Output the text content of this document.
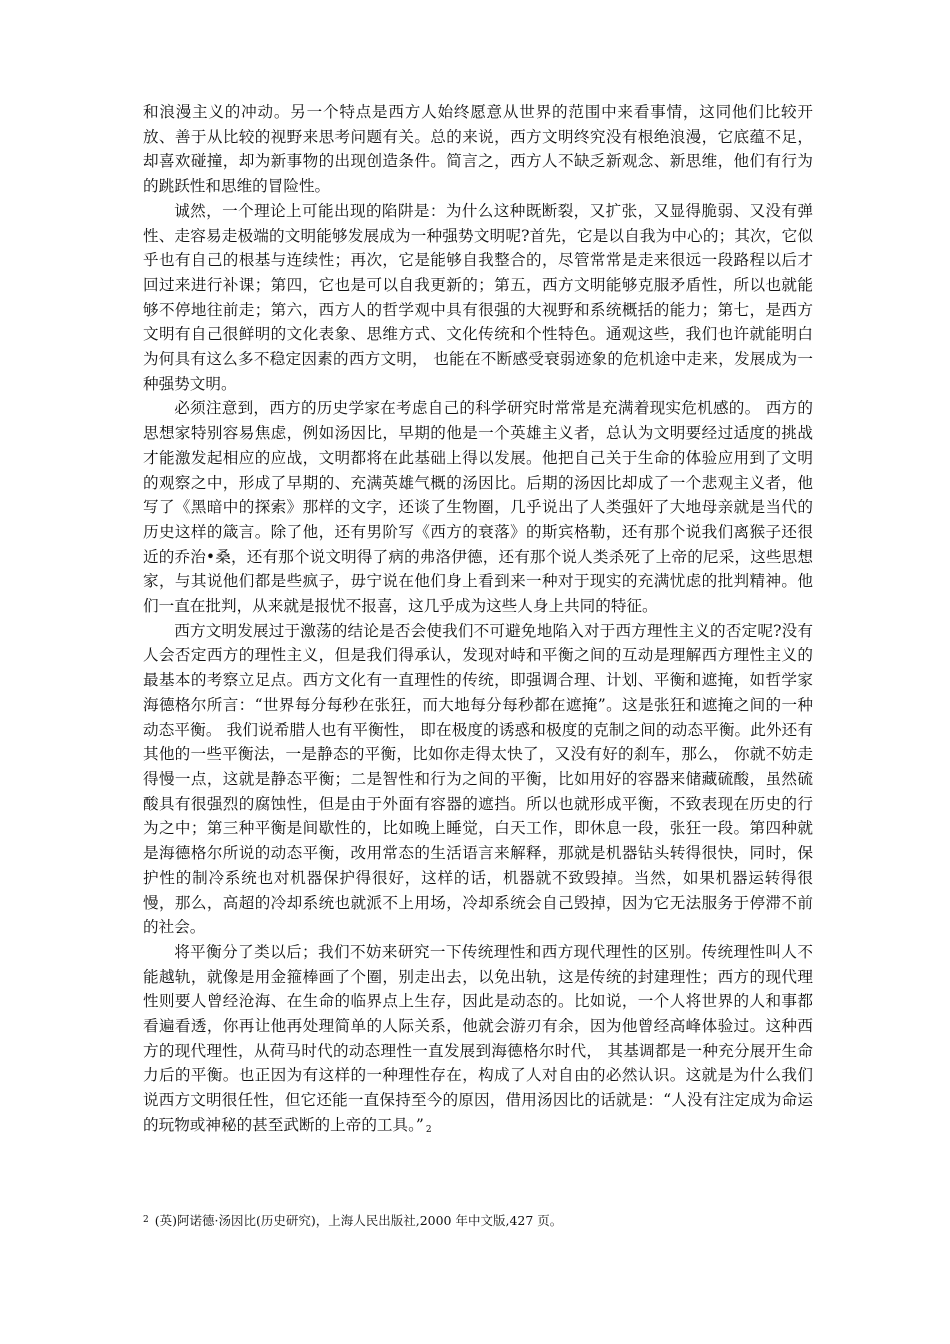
和浪漫主义的冲动。另一个特点是西方人始终愿意从世界的范围中来看事情，这同他们比较开放、善于从比较的视野来思考问题有关。总的来说，西方文明终究没有根绝浪漫，它底蕴不足，却喜欢碰撞，却为新事物的出现创造条件。简言之，西方人不缺乏新观念、新思维，他们有行为的跳跃性和思维的冒险性。

诚然，一个理论上可能出现的陷阱是：为什么这种既断裂，又扩张，又显得脆弱、又没有弹性、走容易走极端的文明能够发展成为一种强势文明呢?首先，它是以自我为中心的；其次，它似乎也有自己的根基与连续性；再次，它是能够自我整合的，尽管常常是走来很远一段路程以后才回过来进行补课；第四，它也是可以自我更新的；第五，西方文明能够克服矛盾性，所以也就能够不停地往前走；第六，西方人的哲学观中具有很强的大视野和系统概括的能力；第七，是西方文明有自己很鲜明的文化表象、思维方式、文化传统和个性特色。通观这些，我们也许就能明白为何具有这么多不稳定因素的西方文明， 也能在不断感受衰弱迹象的危机途中走来，发展成为一种强势文明。

必须注意到，西方的历史学家在考虑自己的科学研究时常常是充满着现实危机感的。 西方的思想家特别容易焦虑，例如汤因比，早期的他是一个英雄主义者，总认为文明要经过适度的挑战才能激发起相应的应战，文明都将在此基础上得以发展。他把自己关于生命的体验应用到了文明的观察之中，形成了早期的、充满英雄气概的汤因比。后期的汤因比却成了一个悲观主义者，他写了《黑暗中的探索》那样的文字，还谈了生物圈，几乎说出了人类强奸了大地母亲就是当代的历史这样的箴言。除了他，还有男阶写《西方的衰落》的斯宾格勒，还有那个说我们离猴子还很近的乔治•桑，还有那个说文明得了病的弗洛伊德，还有那个说人类杀死了上帝的尼采，这些思想家，与其说他们都是些疯子，毋宁说在他们身上看到来一种对于现实的充满忧虑的批判精神。他们一直在批判，从来就是报忧不报喜，这几乎成为这些人身上共同的特征。

西方文明发展过于激荡的结论是否会使我们不可避免地陷入对于西方理性主义的否定呢?没有人会否定西方的理性主义，但是我们得承认，发现对峙和平衡之间的互动是理解西方理性主义的最基本的考察立足点。西方文化有一直理性的传统，即强调合理、计划、平衡和遮掩，如哲学家海德格尔所言：“世界每分每秒在张狂，而大地每分每秒都在遮掩”。这是张狂和遮掩之间的一种动态平衡。 我们说希腊人也有平衡性， 即在极度的诱惑和极度的克制之间的动态平衡。此外还有其他的一些平衡法，一是静态的平衡，比如你走得太快了，又没有好的刹车，那么， 你就不妨走得慢一点，这就是静态平衡；二是智性和行为之间的平衡，比如用好的容器来储藏硫酸，虽然硫酸具有很强烈的腐蚀性，但是由于外面有容器的遮挡。所以也就形成平衡，不致表现在历史的行为之中；第三种平衡是间歇性的，比如晚上睡觉，白天工作，即休息一段，张狂一段。第四种就是海德格尔所说的动态平衡，改用常态的生活语言来解释，那就是机器钻头转得很快，同时，保护性的制冷系统也对机器保护得很好，这样的话，机器就不致毁掉。当然，如果机器运转得很慢，那么，高超的冷却系统也就派不上用场，冷却系统会自己毁掉，因为它无法服务于停滞不前的社会。

将平衡分了类以后；我们不妨来研究一下传统理性和西方现代理性的区别。传统理性叫人不能越轨，就像是用金箍棒画了个圈，别走出去，以免出轨，这是传统的封建理性；西方的现代理性则要人曾经沧海、在生命的临界点上生存，因此是动态的。比如说，一个人将世界的人和事都看遍看透，你再让他再处理简单的人际关系，他就会游刃有余，因为他曾经高峰体验过。这种西方的现代理性，从荷马时代的动态理性一直发展到海德格尔时代， 其基调都是一种充分展开生命力后的平衡。也正因为有这样的一种理性存在，构成了人对自由的必然认识。这就是为什么我们说西方文明很任性，但它还能一直保持至今的原因，借用汤因比的话就是：“人没有注定成为命运的玩物或神秘的甚至武断的上帝的工具。” 2

$^2$ (英)阿诺德·汤因比(历史研究)，上海人民出版社,2000 年中文版,427 页。
